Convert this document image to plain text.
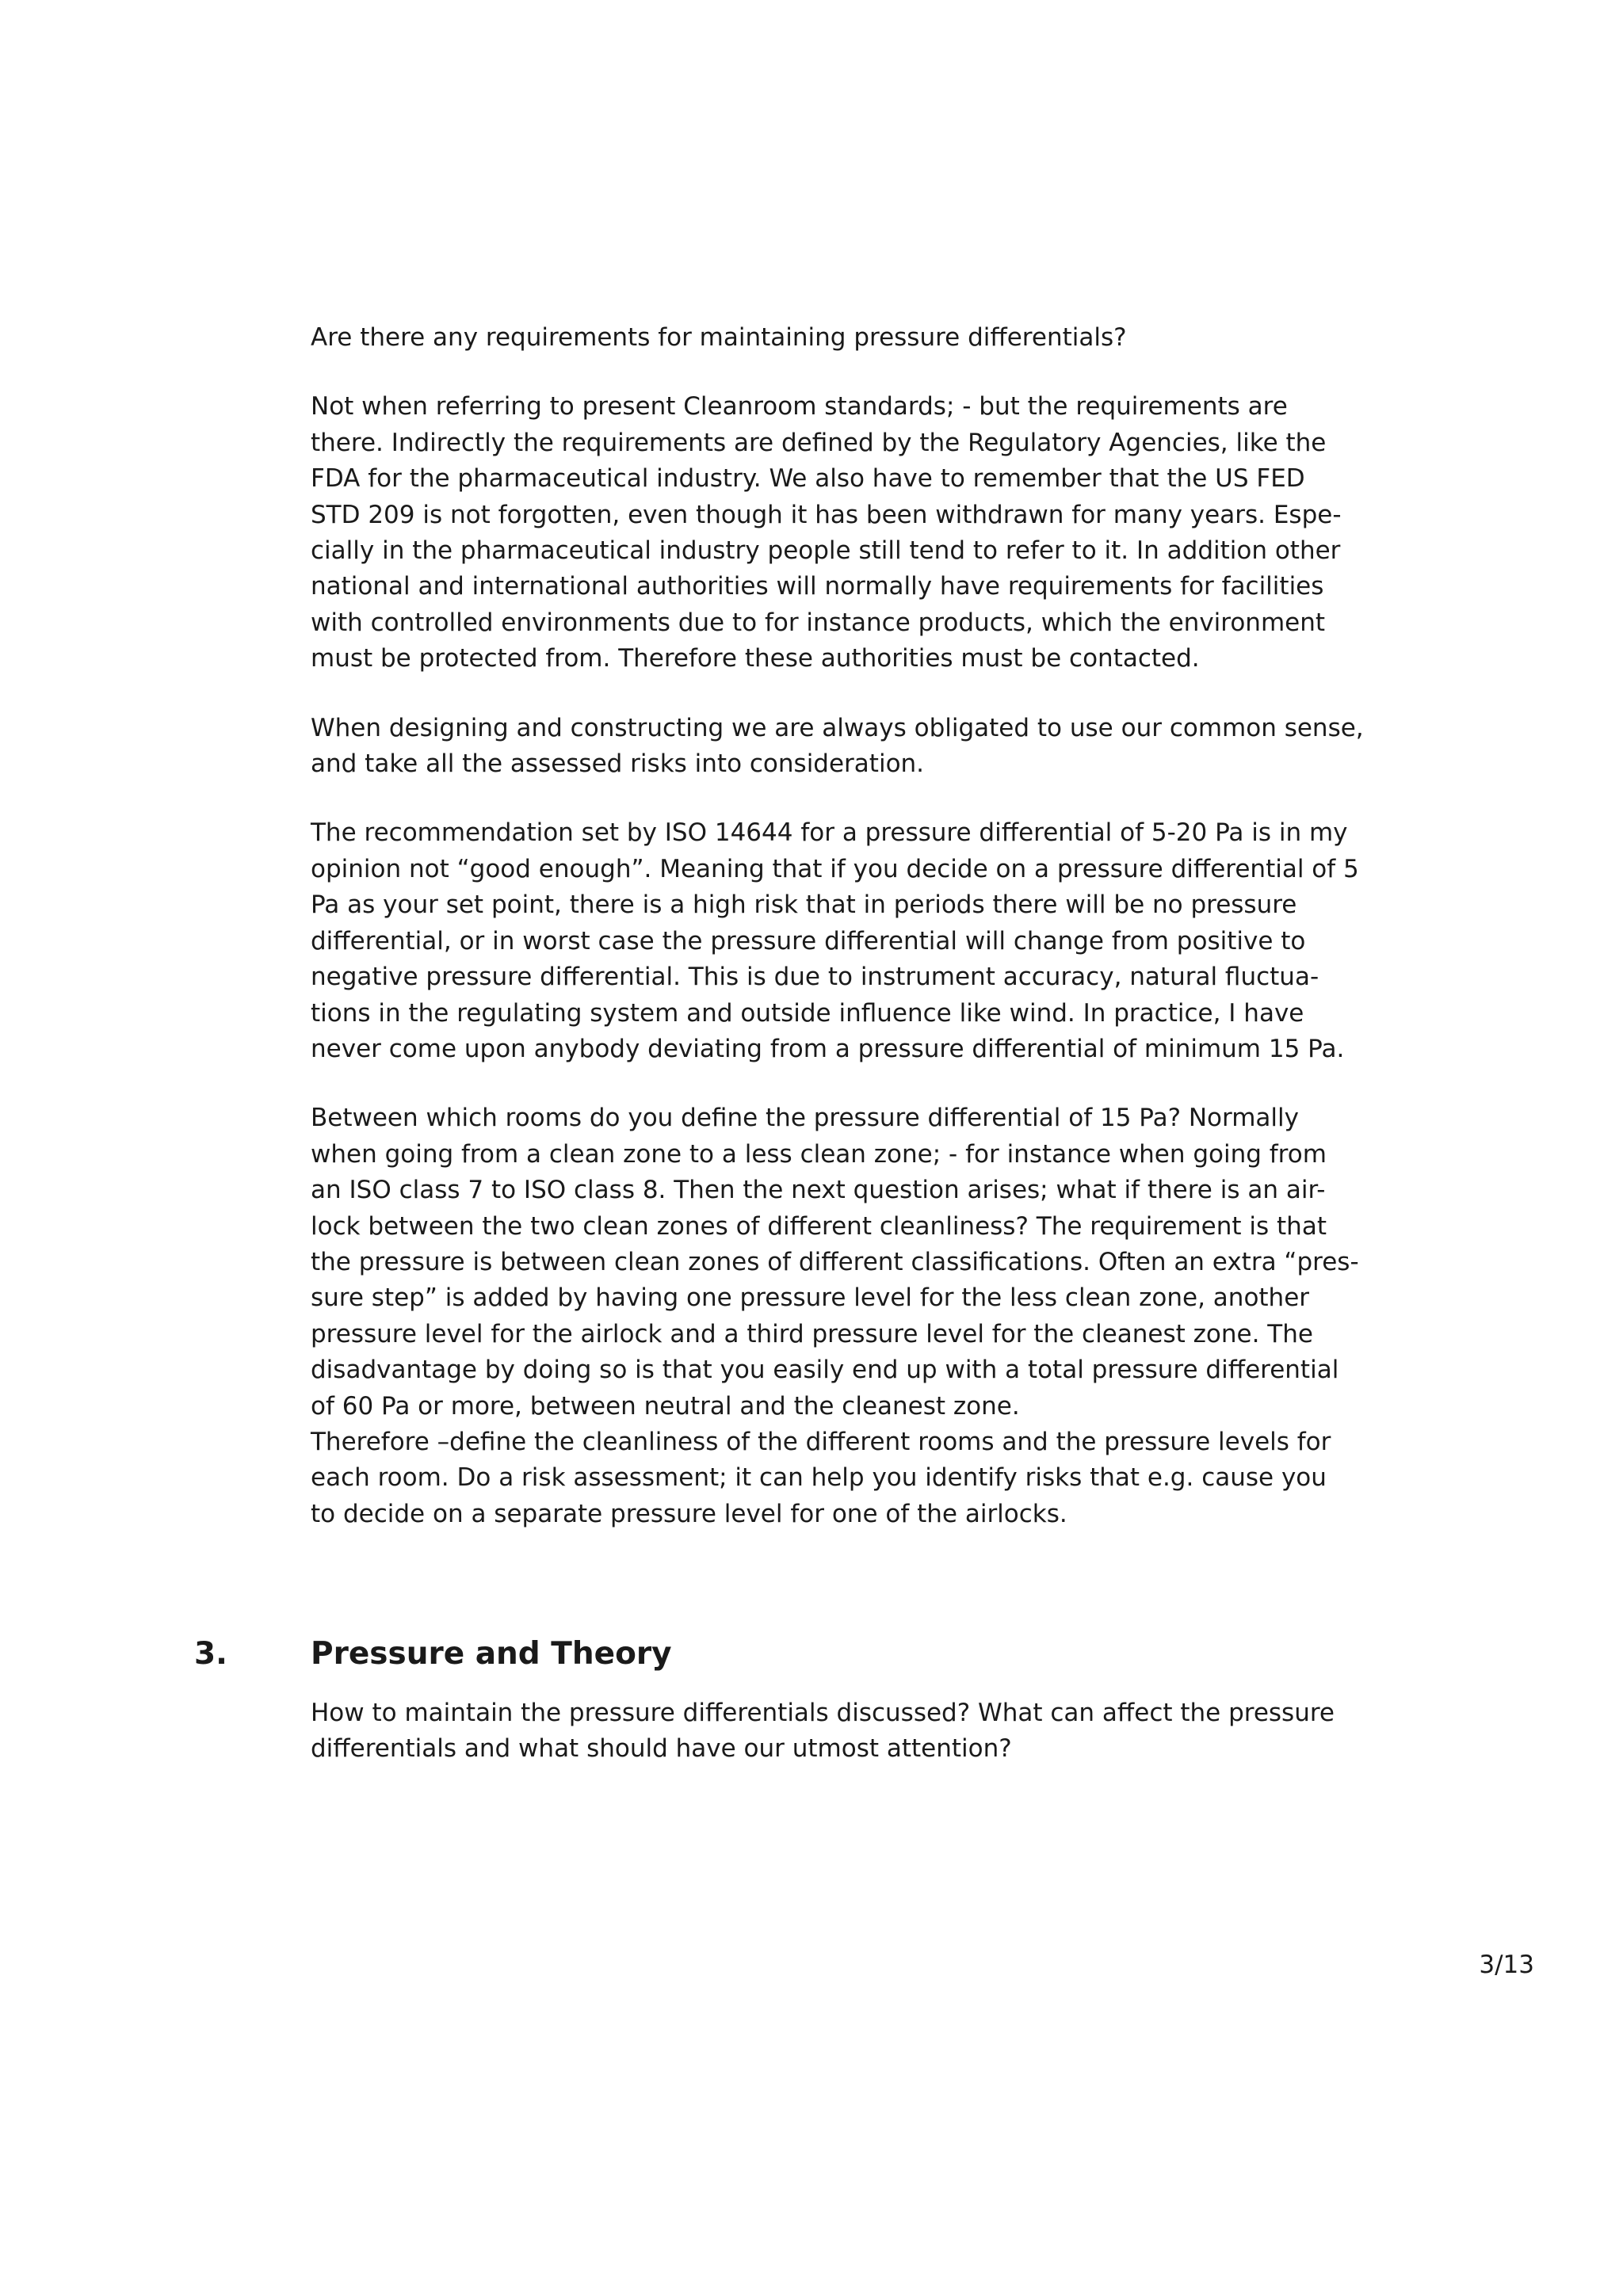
Are there any requirements for maintaining pressure differentials?

Not when referring to present Cleanroom standards; - but the requirements are
there. Indirectly the requirements are defined by the Regulatory Agencies, like the
FDA for the pharmaceutical industry. We also have to remember that the US FED
STD 209 is not forgotten, even though it has been withdrawn for many years. Espe-
cially in the pharmaceutical industry people still tend to refer to it. In addition other
national and international authorities will normally have requirements for facilities
with controlled environments due to for instance products, which the environment
must be protected from. Therefore these authorities must be contacted.

When designing and constructing we are always obligated to use our common sense,
and take all the assessed risks into consideration.

The recommendation set by ISO 14644 for a pressure differential of 5-20 Pa is in my
opinion not “good enough”. Meaning that if you decide on a pressure differential of 5
Pa as your set point, there is a high risk that in periods there will be no pressure
differential, or in worst case the pressure differential will change from positive to
negative pressure differential. This is due to instrument accuracy, natural fluctua-
tions in the regulating system and outside influence like wind. In practice, I have
never come upon anybody deviating from a pressure differential of minimum 15 Pa.

Between which rooms do you define the pressure differential of 15 Pa? Normally
when going from a clean zone to a less clean zone; - for instance when going from
an ISO class 7 to ISO class 8. Then the next question arises; what if there is an air-
lock between the two clean zones of different cleanliness? The requirement is that
the pressure is between clean zones of different classifications. Often an extra “pres-
sure step” is added by having one pressure level for the less clean zone, another
pressure level for the airlock and a third pressure level for the cleanest zone. The
disadvantage by doing so is that you easily end up with a total pressure differential
of 60 Pa or more, between neutral and the cleanest zone.
Therefore –define the cleanliness of the different rooms and the pressure levels for
each room. Do a risk assessment; it can help you identify risks that e.g. cause you
to decide on a separate pressure level for one of the airlocks.

3.	Pressure and Theory

How to maintain the pressure differentials discussed? What can affect the pressure
differentials and what should have our utmost attention?

3/13
